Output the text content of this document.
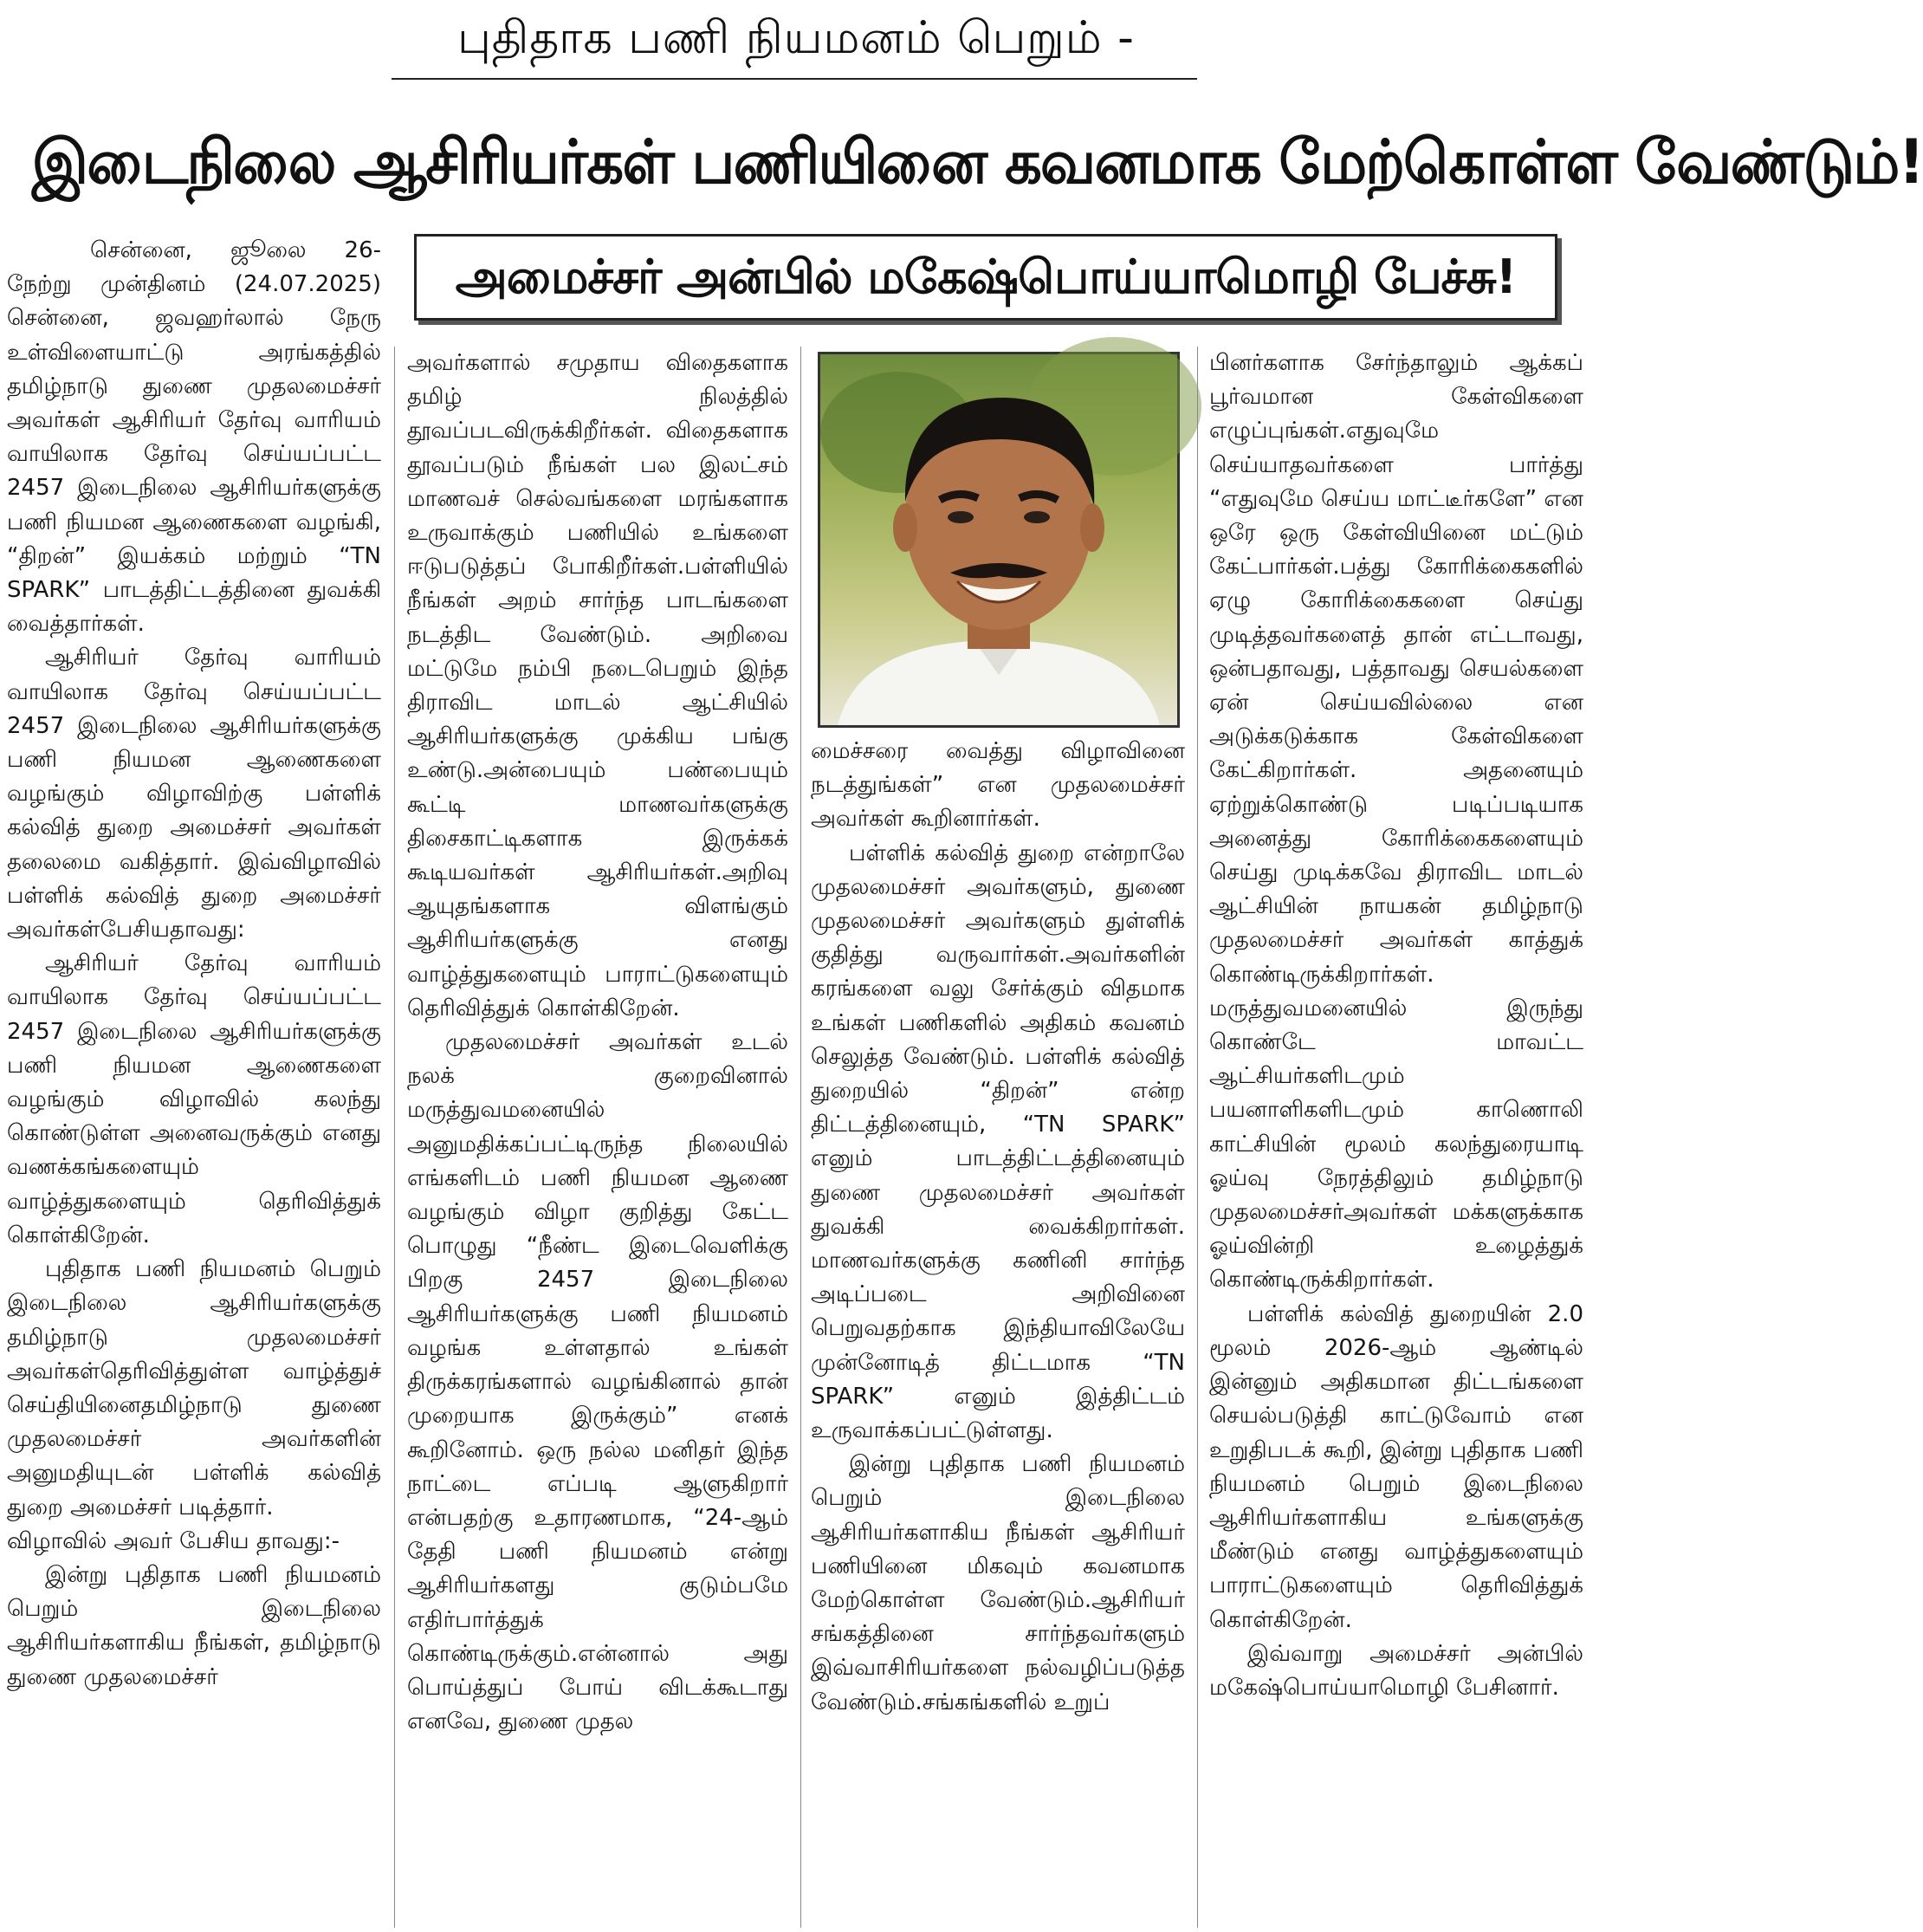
புதிதாக பணி நியமனம் பெறும் -
இடைநிலை ஆசிரியர்கள் பணியினை கவனமாக மேற்கொள்ள வேண்டும்!
அமைச்சர் அன்பில் மகேஷ்பொய்யாமொழி பேச்சு!

சென்னை, ஜூலை 26- நேற்று முன்தினம் (24.07.2025) சென்னை, ஜவஹர்லால் நேரு உள்விளையாட்டு அரங்கத்தில் தமிழ்நாடு துணை முதலமைச்சர் அவர்கள் ஆசிரியர் தேர்வு வாரியம் வாயிலாக தேர்வு செய்யப்பட்ட 2457 இடைநிலை ஆசிரியர்களுக்கு பணி நியமன ஆணைகளை வழங்கி, “திறன்” இயக்கம் மற்றும் “TN SPARK” பாடத்திட்டத்தினை துவக்கி வைத்தார்கள்.

ஆசிரியர் தேர்வு வாரியம் வாயிலாக தேர்வு செய்யப்பட்ட 2457 இடைநிலை ஆசிரியர்களுக்கு பணி நியமன ஆணைகளை வழங்கும் விழாவிற்கு பள்ளிக் கல்வித் துறை அமைச்சர் அவர்கள் தலைமை வகித்தார். இவ்விழாவில் பள்ளிக் கல்வித் துறை அமைச்சர் அவர்கள்பேசியதாவது:

ஆசிரியர் தேர்வு வாரியம் வாயிலாக தேர்வு செய்யப்பட்ட 2457 இடைநிலை ஆசிரியர்களுக்கு பணி நியமன ஆணைகளை வழங்கும் விழாவில் கலந்து கொண்டுள்ள அனைவருக்கும் எனது வணக்கங்களையும் வாழ்த்துகளையும் தெரிவித்துக் கொள்கிறேன்.

புதிதாக பணி நியமனம் பெறும் இடைநிலை ஆசிரியர்களுக்கு தமிழ்நாடு முதலமைச்சர் அவர்கள்தெரிவித்துள்ள வாழ்த்துச் செய்தியினைதமிழ்நாடு துணை முதலமைச்சர் அவர்களின் அனுமதியுடன் பள்ளிக் கல்வித் துறை அமைச்சர் படித்தார்.

விழாவில் அவர் பேசிய தாவது:-

இன்று புதிதாக பணி நியமனம் பெறும் இடைநிலை ஆசிரியர்களாகிய நீங்கள், தமிழ்நாடு துணை முதலமைச்சர்

அவர்களால் சமுதாய விதைகளாக தமிழ் நிலத்தில் தூவப்படவிருக்கிறீர்கள். விதைகளாக தூவப்படும் நீங்கள் பல இலட்சம் மாணவச் செல்வங்களை மரங்களாக உருவாக்கும் பணியில் உங்களை ஈடுபடுத்தப் போகிறீர்கள்.பள்ளியில் நீங்கள் அறம் சார்ந்த பாடங்களை நடத்திட வேண்டும். அறிவை மட்டுமே நம்பி நடைபெறும் இந்த திராவிட மாடல் ஆட்சியில் ஆசிரியர்களுக்கு முக்கிய பங்கு உண்டு.அன்பையும் பண்பையும் கூட்டி மாணவர்களுக்கு திசைகாட்டிகளாக இருக்கக் கூடியவர்கள் ஆசிரியர்கள்.அறிவு ஆயுதங்களாக விளங்கும் ஆசிரியர்களுக்கு எனது வாழ்த்துகளையும் பாராட்டுகளையும் தெரிவித்துக் கொள்கிறேன்.

முதலமைச்சர் அவர்கள் உடல் நலக் குறைவினால் மருத்துவமனையில் அனுமதிக்கப்பட்டிருந்த நிலையில் எங்களிடம் பணி நியமன ஆணை வழங்கும் விழா குறித்து கேட்ட பொழுது “நீண்ட இடைவெளிக்கு பிறகு 2457 இடைநிலை ஆசிரியர்களுக்கு பணி நியமனம் வழங்க உள்ளதால் உங்கள் திருக்கரங்களால் வழங்கினால் தான் முறையாக இருக்கும்” எனக் கூறினோம். ஒரு நல்ல மனிதர் இந்த நாட்டை எப்படி ஆளுகிறார் என்பதற்கு உதாரணமாக, “24-ஆம் தேதி பணி நியமனம் என்று ஆசிரியர்களது குடும்பமே எதிர்பார்த்துக் கொண்டிருக்கும்.என்னால் அது பொய்த்துப் போய் விடக்கூடாது எனவே, துணை முதல

மைச்சரை வைத்து விழாவினை நடத்துங்கள்” என முதலமைச்சர் அவர்கள் கூறினார்கள்.

பள்ளிக் கல்வித் துறை என்றாலே முதலமைச்சர் அவர்களும், துணை முதலமைச்சர் அவர்களும் துள்ளிக் குதித்து வருவார்கள்.அவர்களின் கரங்களை வலு சேர்க்கும் விதமாக உங்கள் பணிகளில் அதிகம் கவனம் செலுத்த வேண்டும். பள்ளிக் கல்வித் துறையில் “திறன்” என்ற திட்டத்தினையும், “TN SPARK” எனும் பாடத்திட்டத்தினையும் துணை முதலமைச்சர் அவர்கள் துவக்கி வைக்கிறார்கள். மாணவர்களுக்கு கணினி சார்ந்த அடிப்படை அறிவினை பெறுவதற்காக இந்தியாவிலேயே முன்னோடித் திட்டமாக “TN SPARK” எனும் இத்திட்டம் உருவாக்கப்பட்டுள்ளது.

இன்று புதிதாக பணி நியமனம் பெறும் இடைநிலை ஆசிரியர்களாகிய நீங்கள் ஆசிரியர் பணியினை மிகவும் கவனமாக மேற்கொள்ள வேண்டும்.ஆசிரியர் சங்கத்தினை சார்ந்தவர்களும் இவ்வாசிரியர்களை நல்வழிப்படுத்த வேண்டும்.சங்கங்களில் உறுப்

பினர்களாக சேர்ந்தாலும் ஆக்கப் பூர்வமான கேள்விகளை எழுப்புங்கள்.எதுவுமே செய்யாதவர்களை பார்த்து “எதுவுமே செய்ய மாட்டீர்களே” என ஒரே ஒரு கேள்வியினை மட்டும் கேட்பார்கள்.பத்து கோரிக்கைகளில் ஏழு கோரிக்கைகளை செய்து முடித்தவர்களைத் தான் எட்டாவது, ஒன்பதாவது, பத்தாவது செயல்களை ஏன் செய்யவில்லை என அடுக்கடுக்காக கேள்விகளை கேட்கிறார்கள். அதனையும் ஏற்றுக்கொண்டு படிப்படியாக அனைத்து கோரிக்கைகளையும் செய்து முடிக்கவே திராவிட மாடல் ஆட்சியின் நாயகன் தமிழ்நாடு முதலமைச்சர் அவர்கள் காத்துக் கொண்டிருக்கிறார்கள். மருத்துவமனையில் இருந்து கொண்டே மாவட்ட ஆட்சியர்களிடமும் பயனாளிகளிடமும் காணொலி காட்சியின் மூலம் கலந்துரையாடி ஓய்வு நேரத்திலும் தமிழ்நாடு முதலமைச்சர்அவர்கள் மக்களுக்காக ஓய்வின்றி உழைத்துக் கொண்டிருக்கிறார்கள்.

பள்ளிக் கல்வித் துறையின் 2.0 மூலம் 2026-ஆம் ஆண்டில் இன்னும் அதிகமான திட்டங்களை செயல்படுத்தி காட்டுவோம் என உறுதிபடக் கூறி, இன்று புதிதாக பணி நியமனம் பெறும் இடைநிலை ஆசிரியர்களாகிய உங்களுக்கு மீண்டும் எனது வாழ்த்துகளையும் பாராட்டுகளையும் தெரிவித்துக் கொள்கிறேன்.

இவ்வாறு அமைச்சர் அன்பில் மகேஷ்பொய்யாமொழி பேசினார்.
